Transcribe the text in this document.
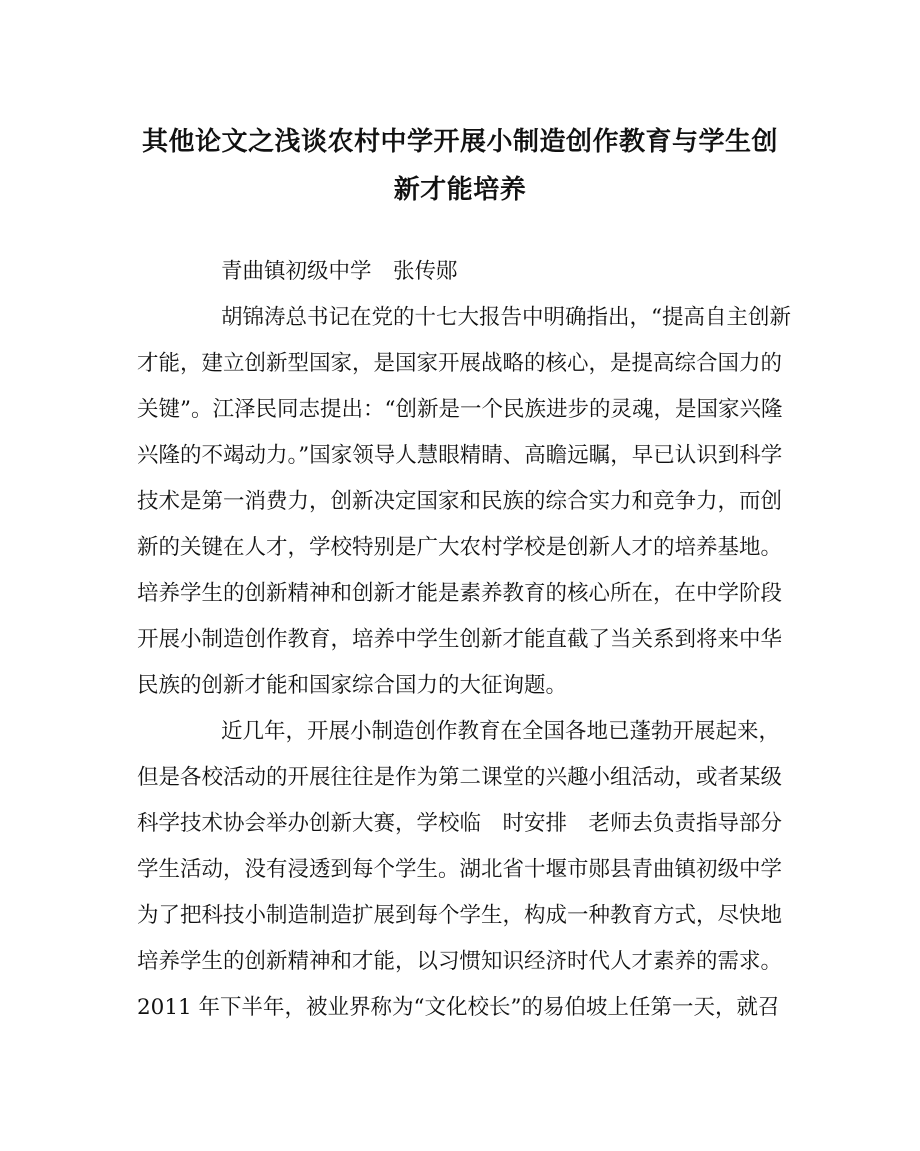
其他论文之浅谈农村中学开展小制造创作教育与学生创
新才能培养

青曲镇初级中学　张传郧

胡锦涛总书记在党的十七大报告中明确指出，“提高自主创新

才能，建立创新型国家，是国家开展战略的核心，是提高综合国力的

关键”。江泽民同志提出：“创新是一个民族进步的灵魂，是国家兴隆

兴隆的不竭动力。”国家领导人慧眼精睛、高瞻远瞩，早已认识到科学

技术是第一消费力，创新决定国家和民族的综合实力和竞争力，而创

新的关键在人才，学校特别是广大农村学校是创新人才的培养基地。

培养学生的创新精神和创新才能是素养教育的核心所在，在中学阶段

开展小制造创作教育，培养中学生创新才能直截了当关系到将来中华

民族的创新才能和国家综合国力的大征询题。

近几年，开展小制造创作教育在全国各地已蓬勃开展起来，

但是各校活动的开展往往是作为第二课堂的兴趣小组活动，或者某级

科学技术协会举办创新大赛，学校临　时安排　老师去负责指导部分

学生活动，没有浸透到每个学生。湖北省十堰市郧县青曲镇初级中学

为了把科技小制造制造扩展到每个学生，构成一种教育方式，尽快地

培养学生的创新精神和才能，以习惯知识经济时代人才素养的需求。

2011 年下半年，被业界称为“文化校长”的易伯坡上任第一天，就召
